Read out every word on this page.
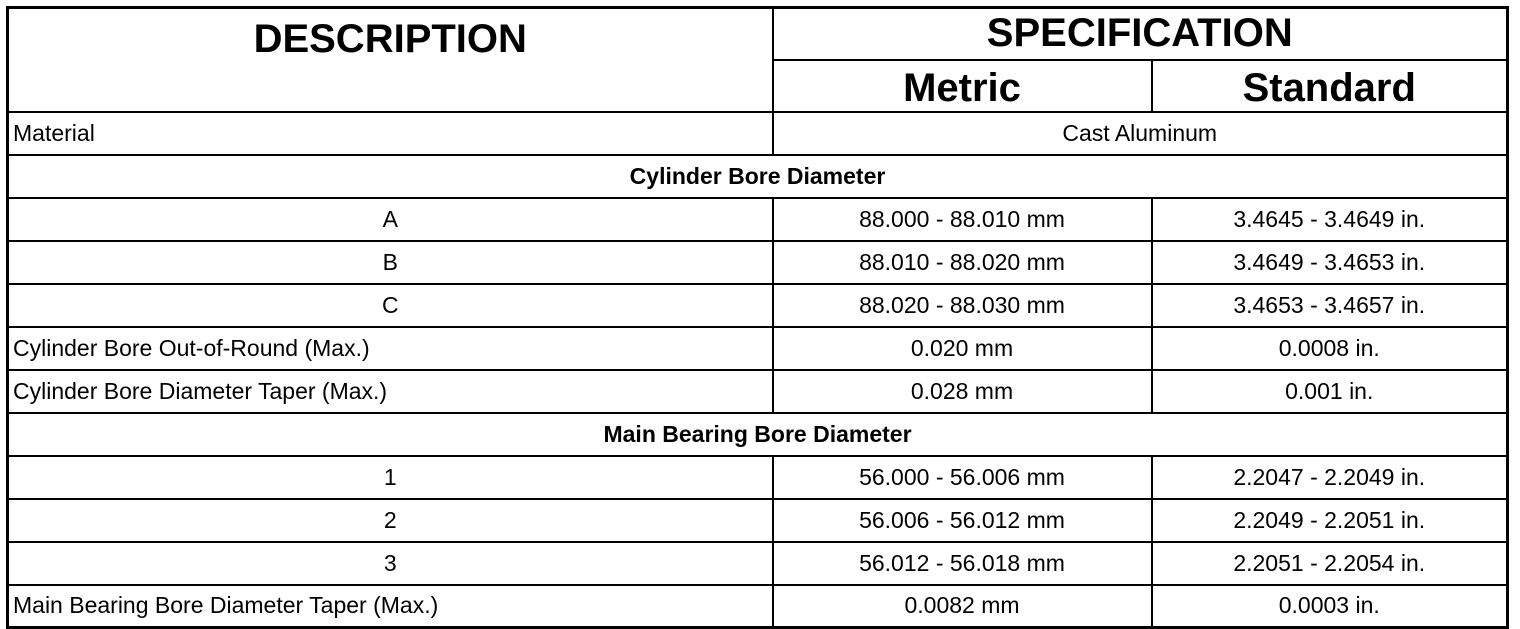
DESCRIPTION	SPECIFICATION	
	Metric	Standard
Material	Cast Aluminum	
Cylinder Bore Diameter		
A	88.000 - 88.010 mm	3.4645 - 3.4649 in.
B	88.010 - 88.020 mm	3.4649 - 3.4653 in.
C	88.020 - 88.030 mm	3.4653 - 3.4657 in.
Cylinder Bore Out-of-Round (Max.)	0.020 mm	0.0008 in.
Cylinder Bore Diameter Taper (Max.)	0.028 mm	0.001 in.
Main Bearing Bore Diameter		
1	56.000 - 56.006 mm	2.2047 - 2.2049 in.
2	56.006 - 56.012 mm	2.2049 - 2.2051 in.
3	56.012 - 56.018 mm	2.2051 - 2.2054 in.
Main Bearing Bore Diameter Taper (Max.)	0.0082 mm	0.0003 in.
